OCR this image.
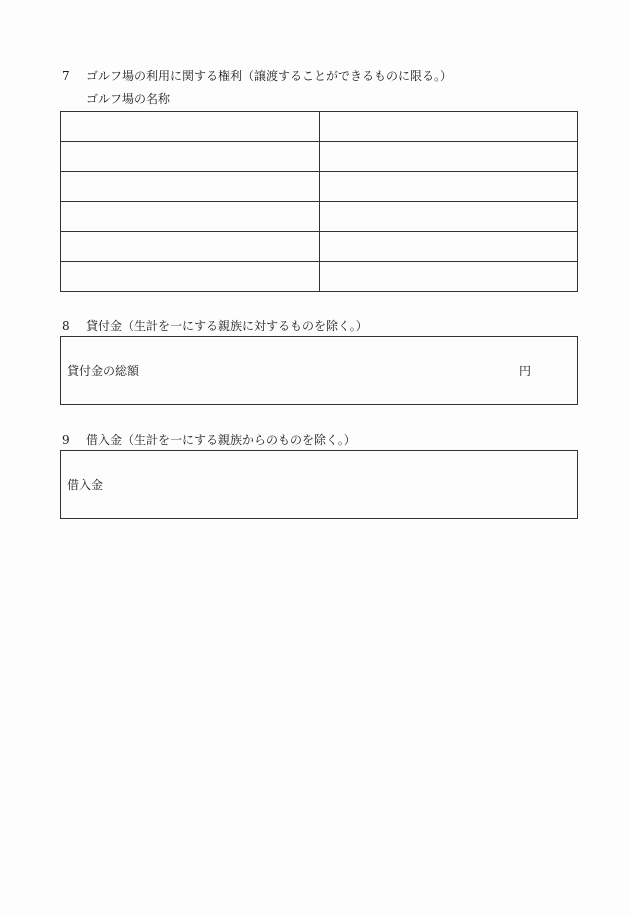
7 ゴルフ場の利用に関する権利（譲渡することができるものに限る。）
ゴルフ場の名称

8 貸付金（生計を一にする親族に対するものを除く。）
貸付金の総額	円
9 借入金（生計を一にする親族からのものを除く。）
借入金
